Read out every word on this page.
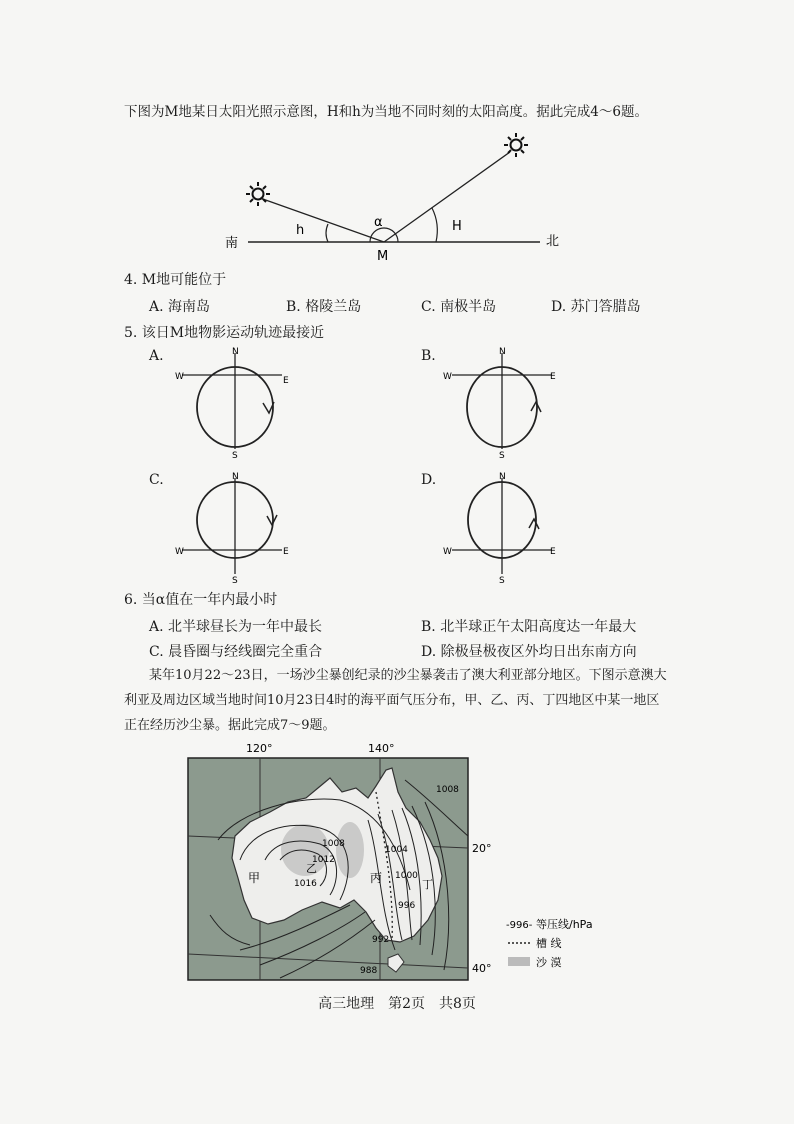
下图为M地某日太阳光照示意图，H和h为当地不同时刻的太阳高度。据此完成4～6题。
南	北
M
h	H
α
4. M地可能位于
A. 海南岛	B. 格陵兰岛	C. 南极半岛	D. 苏门答腊岛
5. 该日M地物影运动轨迹最接近
A.	B.
C.	D.
N
W	E
S
N
W	E
S
N
W	E
S
N
W	E
S
6. 当α值在一年内最小时
A. 北半球昼长为一年中最长	B. 北半球正午太阳高度达一年最大
C. 晨昏圈与经线圈完全重合	D. 除极昼极夜区外均日出东南方向
某年10月22～23日，一场沙尘暴创纪录的沙尘暴袭击了澳大利亚部分地区。下图示意澳大
利亚及周边区域当地时间10月23日4时的海平面气压分布，甲、乙、丙、丁四地区中某一地区
正在经历沙尘暴。据此完成7～9题。
120°	140°
20°
40°
1008
1008
1012
1016
1004
1000
996
992
988
甲
乙
丙	丁
-996- 等压线/hPa
槽 线
沙 漠
高三地理　第2页　共8页
